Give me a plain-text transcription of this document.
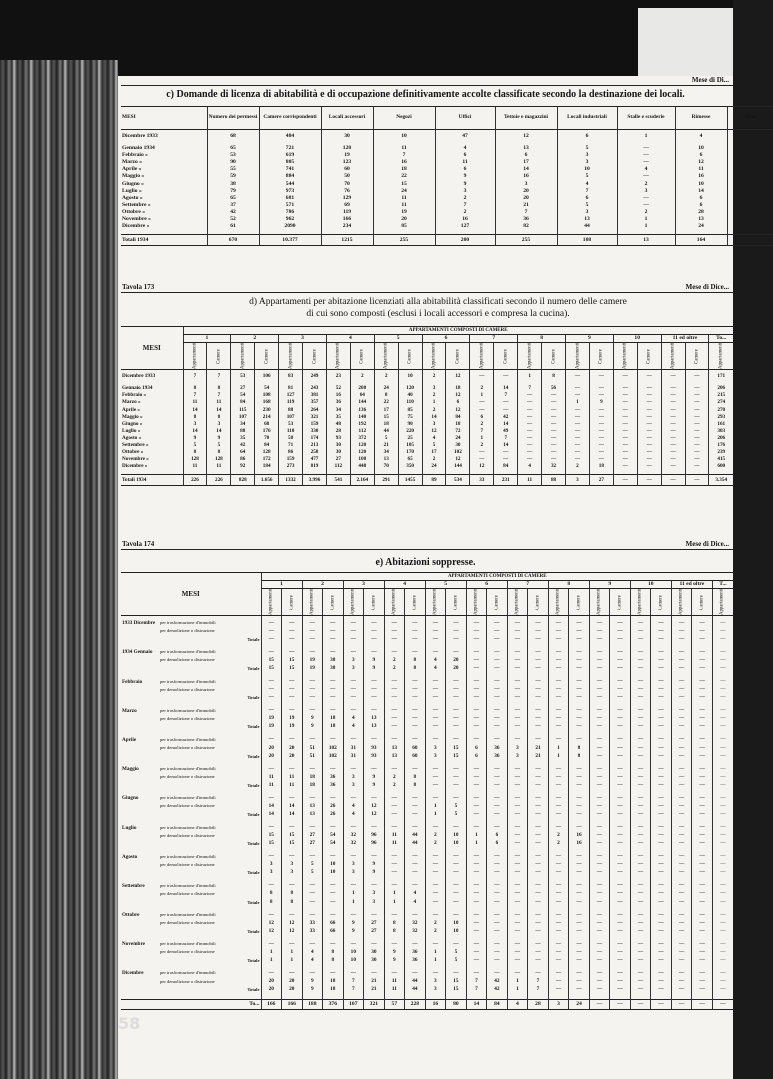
Mese di Di...
c) Domande di licenza di abitabilità e di occupazione definitivamente accolte classificate secondo la destinazione dei locali.
MESI	Numero dei permessi	Camere corrispondenti	Locali accessori	Negozi	Uffici	Tettoie e magazzini	Locali industriali	Stalle e scuderie	Rimesse	Note

Dicembre 1933	68	484	30	10	47	12	6	1	4	

Gennaio 1934	65	721	120	11	4	13	5	—	10	
Febbraio »	53	619	19	7	6	6	3	—	6	
Marzo »	90	805	123	16	11	17	3	—	12	
Aprile »	55	741	60	18	6	14	10	4	11	
Maggio »	59	884	50	22	9	16	5	—	16	
Giugno »	38	544	70	15	9	3	4	2	10	
Luglio »	79	973	76	24	3	20	7	3	14	
Agosto »	65	681	129	11	2	20	6	—	6	
Settembre »	37	571	69	11	7	21	5	—	6	
Ottobre »	42	786	119	19	2	7	3	2	28	
Novembre »	52	962	166	20	16	36	13	1	13	
Dicembre »	61	2090	234	85	127	82	44	1	24	

Totali 1934	670	10.377	1215	255	200	255	108	13	164	
Tavola 173	Mese di Dice...
d) Appartamenti per abitazione licenziati alla abitabilità classificati secondo il numero delle camere
di cui sono composti (esclusi i locali accessori e compresa la cucina).
MESI	APPARTAMENTI COMPOSTI DI CAMERE																						
	1		2		3		4		5		6		7		8		9		10		11 ed oltre		To...
	Appartamenti	Camere	Appartamenti	Camere	Appartamenti	Camere	Appartamenti	Camere	Appartamenti	Camere	Appartamenti	Camere	Appartamenti	Camere	Appartamenti	Camere	Appartamenti	Camere	Appartamenti	Camere	Appartamenti	Camere	Appartamenti

Dicembre 1933	7	7	53	106	83	249	23	2	2	10	2	12	—	—	1	8	—	—	—	—	—	—	171

Gennaio 1934	8	8	27	54	81	243	52	208	24	120	3	18	2	14	7	56	—	—	—	—	—	—	206
Febbraio »	7	7	54	108	127	381	16	64	8	40	2	12	1	7	—	—	—	—	—	—	—	—	215
Marzo »	11	11	84	168	119	357	36	144	22	110	1	6	—	—	—	—	1	9	—	—	—	—	274
Aprile »	14	14	115	230	88	264	34	136	17	85	2	12	—	—	—	—	—	—	—	—	—	—	270
Maggio »	8	8	107	214	107	321	35	140	15	75	14	84	6	42	—	—	—	—	—	—	—	—	293
Giugno »	3	3	34	68	53	159	48	192	18	90	3	18	2	14	—	—	—	—	—	—	—	—	161
Luglio »	14	14	88	176	110	330	28	112	44	220	12	72	7	49	—	—	—	—	—	—	—	—	303
Agosto »	9	9	35	70	58	174	93	372	5	25	4	24	1	7	—	—	—	—	—	—	—	—	206
Settembre »	5	5	42	84	71	213	30	120	21	105	5	30	2	14	—	—	—	—	—	—	—	—	176
Ottobre »	8	8	64	128	86	258	30	120	34	170	17	102	—	—	—	—	—	—	—	—	—	—	239
Novembre »	128	128	86	172	159	477	27	108	13	65	2	12	—	—	—	—	—	—	—	—	—	—	415
Dicembre »	11	11	92	184	273	819	112	448	70	350	24	144	12	84	4	32	2	18	—	—	—	—	600

Totali 1934	226	226	828	1.656	1332	3.996	541	2.164	291	1455	89	534	33	231	11	88	3	27	—	—	—	—	3.354
Tavola 174	Mese di Dice...
e) Abitazioni soppresse.
MESI	APPARTAMENTI COMPOSTI DI CAMERE																						
	1		2		3		4		5		6		7		8		9		10		11 ed oltre		T...
	Appartamenti	Camere	Appartamenti	Camere	Appartamenti	Camere	Appartamenti	Camere	Appartamenti	Camere	Appartamenti	Camere	Appartamenti	Camere	Appartamenti	Camere	Appartamenti	Camere	Appartamenti	Camere	Appartamenti	Camere	Appartamenti

1933 Dicembre per trasformazione d'immobili	—	—	—	—	—	—	—	—	—	—	—	—	—	—	—	—	—	—	—	—	—	—	—
per demolizione o distruzione	—	—	—	—	—	—	—	—	—	—	—	—	—	—	—	—	—	—	—	—	—	—	—

Totale	—	—	—	—	—	—	—	—	—	—	—	—	—	—	—	—	—	—	—	—	—	—	—

1934 Gennaio per trasformazione d'immobili	—	—	—	—	—	—	—	—	—	—	—	—	—	—	—	—	—	—	—	—	—	—	—
per demolizione o distruzione	15	15	19	38	3	9	2	8	4	20	—	—	—	—	—	—	—	—	—	—	—	—	—

Totale	15	15	19	38	3	9	2	8	4	20	—	—	—	—	—	—	—	—	—	—	—	—	—

Febbraio per trasformazione d'immobili	—	—	—	—	—	—	—	—	—	—	—	—	—	—	—	—	—	—	—	—	—	—	—
per demolizione o distruzione	—	—	—	—	—	—	—	—	—	—	—	—	—	—	—	—	—	—	—	—	—	—	—

Totale	—	—	—	—	—	—	—	—	—	—	—	—	—	—	—	—	—	—	—	—	—	—	—

Marzo per trasformazione d'immobili	—	—	—	—	—	—	—	—	—	—	—	—	—	—	—	—	—	—	—	—	—	—	—
per demolizione o distruzione	19	19	9	18	4	13	—	—	—	—	—	—	—	—	—	—	—	—	—	—	—	—	—

Totale	19	19	9	18	4	13	—	—	—	—	—	—	—	—	—	—	—	—	—	—	—	—	—

Aprile per trasformazione d'immobili	—	—	—	—	—	—	—	—	—	—	—	—	—	—	—	—	—	—	—	—	—	—	—
per demolizione o distruzione	20	20	51	102	31	93	13	60	3	15	6	36	3	21	1	8	—	—	—	—	—	—	—

Totale	20	20	51	102	31	93	13	60	3	15	6	36	3	21	1	8	—	—	—	—	—	—	—

Maggio per trasformazione d'immobili	—	—	—	—	—	—	—	—	—	—	—	—	—	—	—	—	—	—	—	—	—	—	—
per demolizione o distruzione	11	11	18	36	3	9	2	8	—	—	—	—	—	—	—	—	—	—	—	—	—	—	—

Totale	11	11	18	36	3	9	2	8	—	—	—	—	—	—	—	—	—	—	—	—	—	—	—

Giugno per trasformazione d'immobili	—	—	—	—	—	—	—	—	—	—	—	—	—	—	—	—	—	—	—	—	—	—	—
per demolizione o distruzione	14	14	13	26	4	12	—	—	1	5	—	—	—	—	—	—	—	—	—	—	—	—	—

Totale	14	14	13	26	4	12	—	—	1	5	—	—	—	—	—	—	—	—	—	—	—	—	—

Luglio per trasformazione d'immobili	—	—	—	—	—	—	—	—	—	—	—	—	—	—	—	—	—	—	—	—	—	—	—
per demolizione o distruzione	15	15	27	54	32	96	11	44	2	10	1	6	—	—	2	16	—	—	—	—	—	—	—

Totale	15	15	27	54	32	96	11	44	2	10	1	6	—	—	2	16	—	—	—	—	—	—	—

Agosto per trasformazione d'immobili	—	—	—	—	—	—	—	—	—	—	—	—	—	—	—	—	—	—	—	—	—	—	—
per demolizione o distruzione	3	3	5	10	3	9	—	—	—	—	—	—	—	—	—	—	—	—	—	—	—	—	—

Totale	3	3	5	10	3	9	—	—	—	—	—	—	—	—	—	—	—	—	—	—	—	—	—

Settembre per trasformazione d'immobili	—	—	—	—	—	—	—	—	—	—	—	—	—	—	—	—	—	—	—	—	—	—	—
per demolizione o distruzione	8	8	—	—	1	3	1	4	—	—	—	—	—	—	—	—	—	—	—	—	—	—	—

Totale	8	8	—	—	1	3	1	4	—	—	—	—	—	—	—	—	—	—	—	—	—	—	—

Ottobre per trasformazione d'immobili	—	—	—	—	—	—	—	—	—	—	—	—	—	—	—	—	—	—	—	—	—	—	—
per demolizione o distruzione	12	12	33	66	9	27	8	32	2	10	—	—	—	—	—	—	—	—	—	—	—	—	—

Totale	12	12	33	66	9	27	8	32	2	10	—	—	—	—	—	—	—	—	—	—	—	—	—

Novembre per trasformazione d'immobili	—	—	—	—	—	—	—	—	—	—	—	—	—	—	—	—	—	—	—	—	—	—	—
per demolizione o distruzione	1	1	4	8	10	30	9	36	1	5	—	—	—	—	—	—	—	—	—	—	—	—	—

Totale	1	1	4	8	10	30	9	36	1	5	—	—	—	—	—	—	—	—	—	—	—	—	—

Dicembre per trasformazione d'immobili	—	—	—	—	—	—	—	—	—	—	—	—	—	—	—	—	—	—	—	—	—	—	—
per demolizione o distruzione	20	20	9	18	7	21	11	44	3	15	7	42	1	7	—	—	—	—	—	—	—	—	—

Totale	20	20	9	18	7	21	11	44	3	15	7	42	1	7	—	—	—	—	—	—	—	—	—

To...	166	166	188	376	107	321	57	228	16	80	14	84	4	28	3	24	—	—	—	—	—	—	—
58
